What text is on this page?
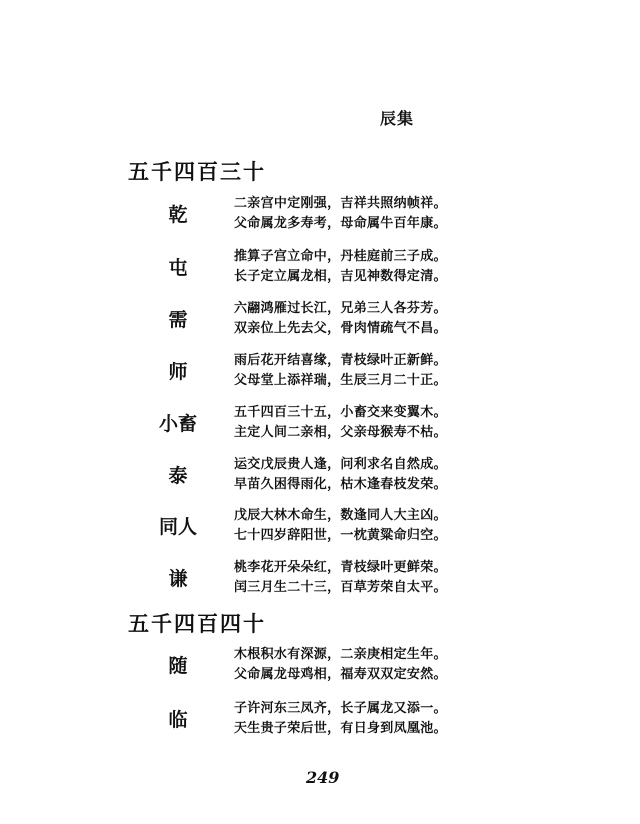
辰集
五千四百三十
乾
二亲宫中定刚强，吉祥共照纳帧祥。
父命属龙多寿考，母命属牛百年康。
屯
推算子宫立命中，丹桂庭前三子成。
长子定立属龙相，吉见神数得定清。
需
六翮鸿雁过长江，兄弟三人各芬芳。
双亲位上先去父，骨肉情疏气不昌。
师
雨后花开结喜缘，青枝绿叶正新鲜。
父母堂上添祥瑞，生辰三月二十正。
小畜
五千四百三十五，小畜交来变翼木。
主定人间二亲相，父亲母猴寿不枯。
泰
运交戊辰贵人逢，问利求名自然成。
早苗久困得雨化，枯木逢春枝发荣。
同人
戊辰大林木命生，数逢同人大主凶。
七十四岁辞阳世，一枕黄粱命归空。
谦
桃李花开朵朵红，青枝绿叶更鲜荣。
闰三月生二十三，百草芳荣自太平。
五千四百四十
随
木根积水有深源，二亲庚相定生年。
父命属龙母鸡相，福寿双双定安然。
临
子许河东三凤齐，长子属龙又添一。
天生贵子荣后世，有日身到凤凰池。
249
